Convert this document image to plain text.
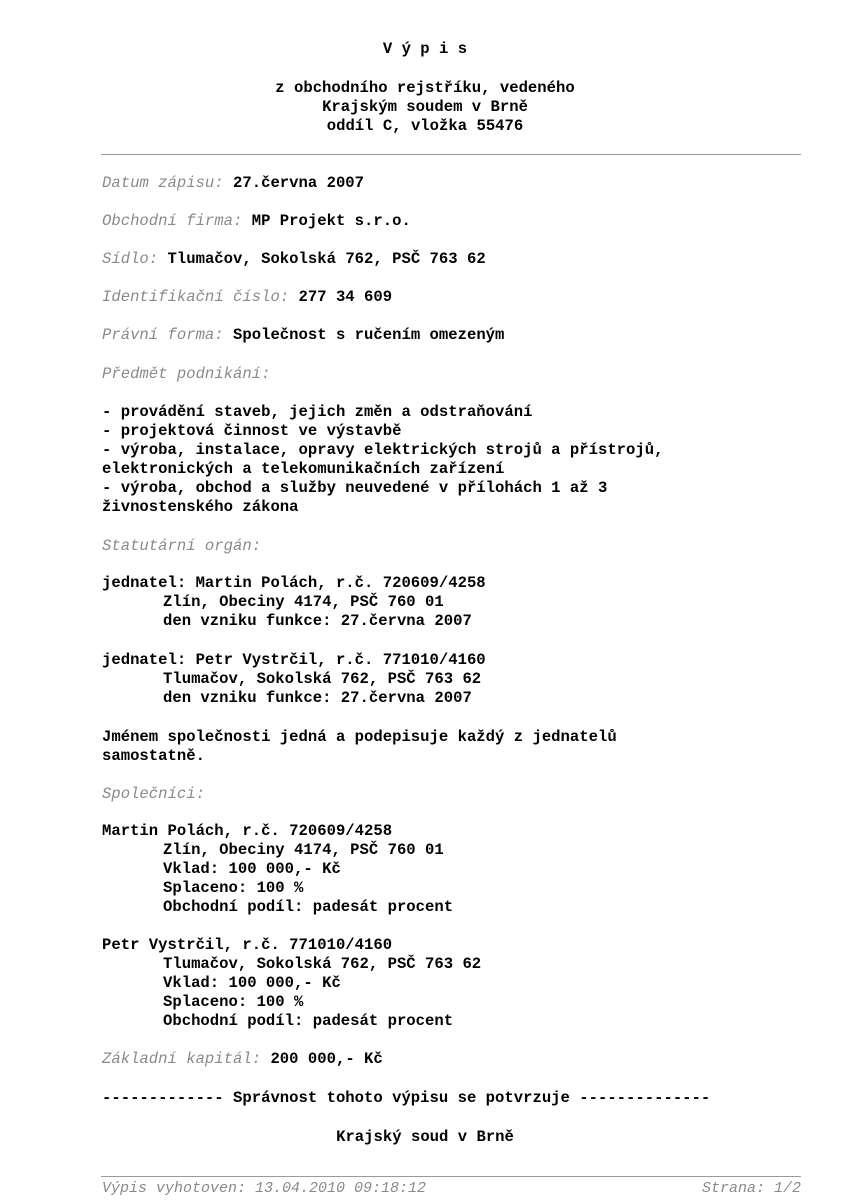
V ý p i s
z obchodního rejstříku, vedeného
Krajským soudem v Brně
oddíl C, vložka 55476
Datum zápisu: 27.června 2007
Obchodní firma: MP Projekt s.r.o.
Sídlo: Tlumačov, Sokolská 762, PSČ 763 62
Identifikační číslo: 277 34 609
Právní forma: Společnost s ručením omezeným
Předmět podnikání:
- provádění staveb, jejich změn a odstraňování
- projektová činnost ve výstavbě
- výroba, instalace, opravy elektrických strojů a přístrojů,
elektronických a telekomunikačních zařízení
- výroba, obchod a služby neuvedené v přílohách 1 až 3
živnostenského zákona
Statutární orgán:
jednatel: Martin Polách, r.č. 720609/4258
Zlín, Obeciny 4174, PSČ 760 01
den vzniku funkce: 27.června 2007
jednatel: Petr Vystrčil, r.č. 771010/4160
Tlumačov, Sokolská 762, PSČ 763 62
den vzniku funkce: 27.června 2007
Jménem společnosti jedná a podepisuje každý z jednatelů
samostatně.
Společníci:
Martin Polách, r.č. 720609/4258
Zlín, Obeciny 4174, PSČ 760 01
Vklad: 100 000,- Kč
Splaceno: 100 %
Obchodní podíl: padesát procent
Petr Vystrčil, r.č. 771010/4160
Tlumačov, Sokolská 762, PSČ 763 62
Vklad: 100 000,- Kč
Splaceno: 100 %
Obchodní podíl: padesát procent
Základní kapitál: 200 000,- Kč
------------- Správnost tohoto výpisu se potvrzuje --------------
Krajský soud v Brně
Výpis vyhotoven: 13.04.2010 09:18:12	Strana: 1/2
